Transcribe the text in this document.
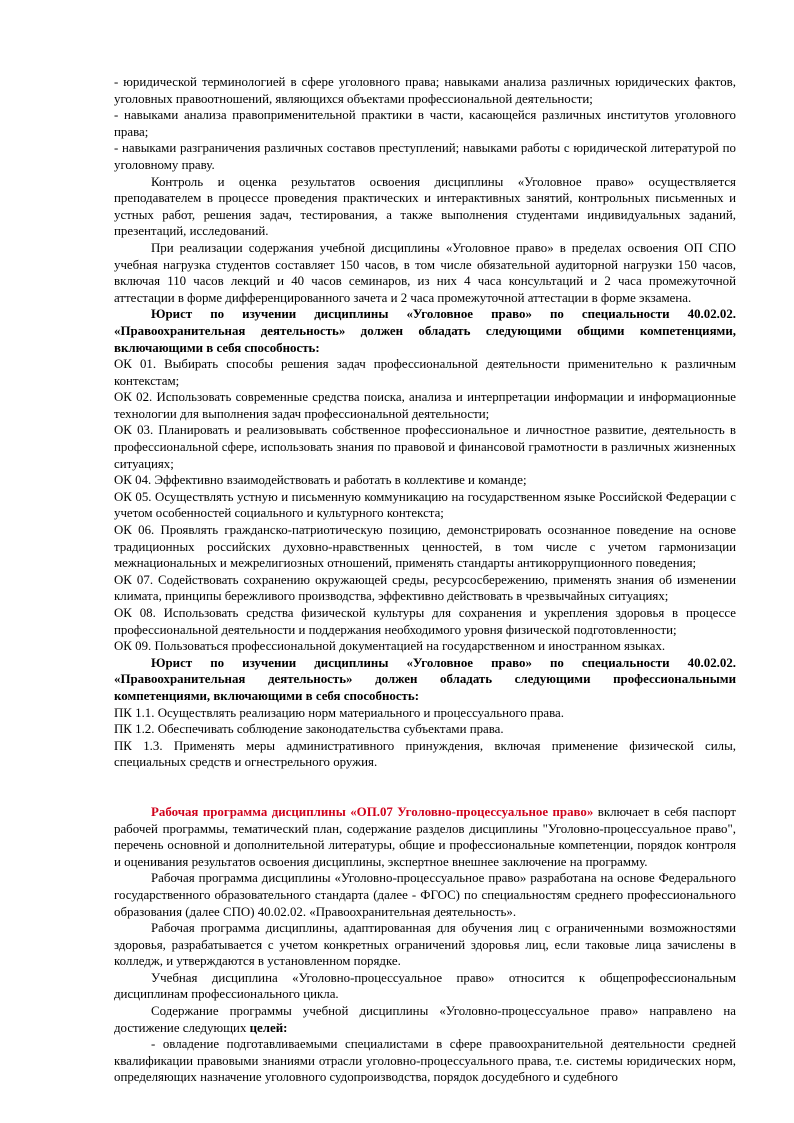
- юридической терминологией в сфере уголовного права; навыками анализа различных юридических фактов, уголовных правоотношений, являющихся объектами профессиональной деятельности;

- навыками анализа правоприменительной практики в части, касающейся различных институтов уголовного права;

- навыками разграничения различных составов преступлений; навыками работы с юридической литературой по уголовному праву.

Контроль и оценка результатов освоения дисциплины «Уголовное право» осуществляется преподавателем в процессе проведения практических и интерактивных занятий, контрольных письменных и устных работ, решения задач, тестирования, а также выполнения студентами индивидуальных заданий, презентаций, исследований.

При реализации содержания учебной дисциплины «Уголовное право» в пределах освоения ОП СПО учебная нагрузка студентов составляет 150 часов, в том числе обязательной аудиторной нагрузки 150 часов, включая 110 часов лекций и 40 часов семинаров, из них 4 часа консультаций и 2 часа промежуточной аттестации в форме дифференцированного зачета и 2 часа промежуточной аттестации в форме экзамена.

Юрист по изучении дисциплины «Уголовное право» по специальности 40.02.02. «Правоохранительная деятельность» должен обладать следующими общими компетенциями, включающими в себя способность:

ОК 01. Выбирать способы решения задач профессиональной деятельности применительно к различным контекстам;

ОК 02. Использовать современные средства поиска, анализа и интерпретации информации и информационные технологии для выполнения задач профессиональной деятельности;

ОК 03. Планировать и реализовывать собственное профессиональное и личностное развитие, деятельность в профессиональной сфере, использовать знания по правовой и финансовой грамотности в различных жизненных ситуациях;

ОК 04. Эффективно взаимодействовать и работать в коллективе и команде;

ОК 05. Осуществлять устную и письменную коммуникацию на государственном языке Российской Федерации с учетом особенностей социального и культурного контекста;

ОК 06. Проявлять гражданско-патриотическую позицию, демонстрировать осознанное поведение на основе традиционных российских духовно-нравственных ценностей, в том числе с учетом гармонизации межнациональных и межрелигиозных отношений, применять стандарты антикоррупционного поведения;

ОК 07. Содействовать сохранению окружающей среды, ресурсосбережению, применять знания об изменении климата, принципы бережливого производства, эффективно действовать в чрезвычайных ситуациях;

ОК 08. Использовать средства физической культуры для сохранения и укрепления здоровья в процессе профессиональной деятельности и поддержания необходимого уровня физической подготовленности;

ОК 09. Пользоваться профессиональной документацией на государственном и иностранном языках.

Юрист по изучении дисциплины «Уголовное право» по специальности 40.02.02. «Правоохранительная деятельность» должен обладать следующими профессиональными компетенциями, включающими в себя способность:

ПК 1.1. Осуществлять реализацию норм материального и процессуального права.

ПК 1.2. Обеспечивать соблюдение законодательства субъектами права.

ПК 1.3. Применять меры административного принуждения, включая применение физической силы, специальных средств и огнестрельного оружия.

Рабочая программа дисциплины «ОП.07 Уголовно-процессуальное право» включает в себя паспорт рабочей программы, тематический план, содержание разделов дисциплины "Уголовно-процессуальное право", перечень основной и дополнительной литературы, общие и профессиональные компетенции, порядок контроля и оценивания результатов освоения дисциплины, экспертное внешнее заключение на программу.

Рабочая программа дисциплины «Уголовно-процессуальное право» разработана на основе Федерального государственного образовательного стандарта (далее - ФГОС) по специальностям среднего профессионального образования (далее СПО) 40.02.02. «Правоохранительная деятельность».

Рабочая программа дисциплины, адаптированная для обучения лиц с ограниченными возможностями здоровья, разрабатывается с учетом конкретных ограничений здоровья лиц, если таковые лица зачислены в колледж, и утверждаются в установленном порядке.

Учебная дисциплина «Уголовно-процессуальное право» относится к общепрофессиональным дисциплинам профессионального цикла.

Содержание программы учебной дисциплины «Уголовно-процессуальное право» направлено на достижение следующих целей:

- овладение подготавливаемыми специалистами в сфере правоохранительной деятельности средней квалификации правовыми знаниями отрасли уголовно-процессуального права, т.е. системы юридических норм, определяющих назначение уголовного судопроизводства, порядок досудебного и судебного
